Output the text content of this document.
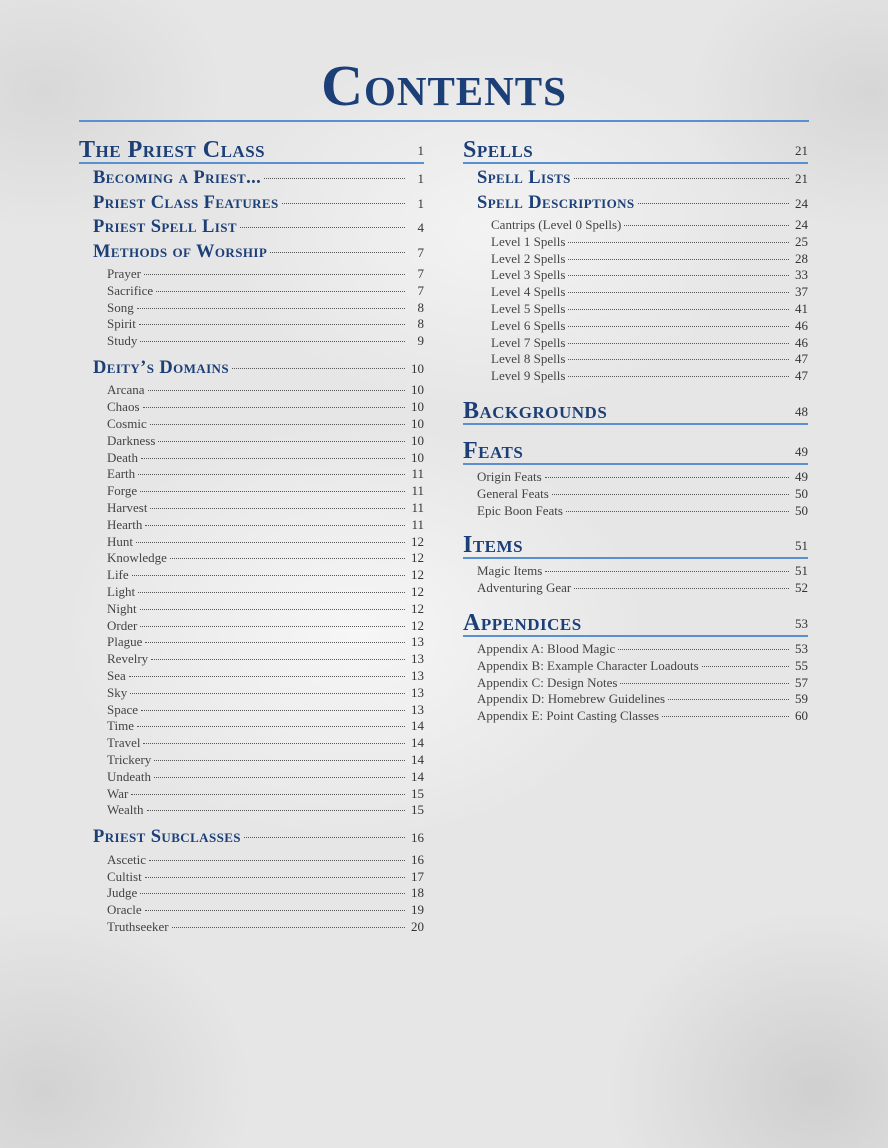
Contents
The Priest Class	1
Becoming a Priest...	1
Priest Class Features	1
Priest Spell List	4
Methods of Worship	7
Prayer	7
Sacrifice	7
Song	8
Spirit	8
Study	9
Deity’s Domains	10
Arcana	10
Chaos	10
Cosmic	10
Darkness	10
Death	10
Earth	11
Forge	11
Harvest	11
Hearth	11
Hunt	12
Knowledge	12
Life	12
Light	12
Night	12
Order	12
Plague	13
Revelry	13
Sea	13
Sky	13
Space	13
Time	14
Travel	14
Trickery	14
Undeath	14
War	15
Wealth	15
Priest Subclasses	16
Ascetic	16
Cultist	17
Judge	18
Oracle	19
Truthseeker	20
Spells	21
Spell Lists	21
Spell Descriptions	24
Cantrips (Level 0 Spells)	24
Level 1 Spells	25
Level 2 Spells	28
Level 3 Spells	33
Level 4 Spells	37
Level 5 Spells	41
Level 6 Spells	46
Level 7 Spells	46
Level 8 Spells	47
Level 9 Spells	47
Backgrounds	48
Feats	49
Origin Feats	49
General Feats	50
Epic Boon Feats	50
Items	51
Magic Items	51
Adventuring Gear	52
Appendices	53
Appendix A: Blood Magic	53
Appendix B: Example Character Loadouts	55
Appendix C: Design Notes	57
Appendix D: Homebrew Guidelines	59
Appendix E: Point Casting Classes	60
